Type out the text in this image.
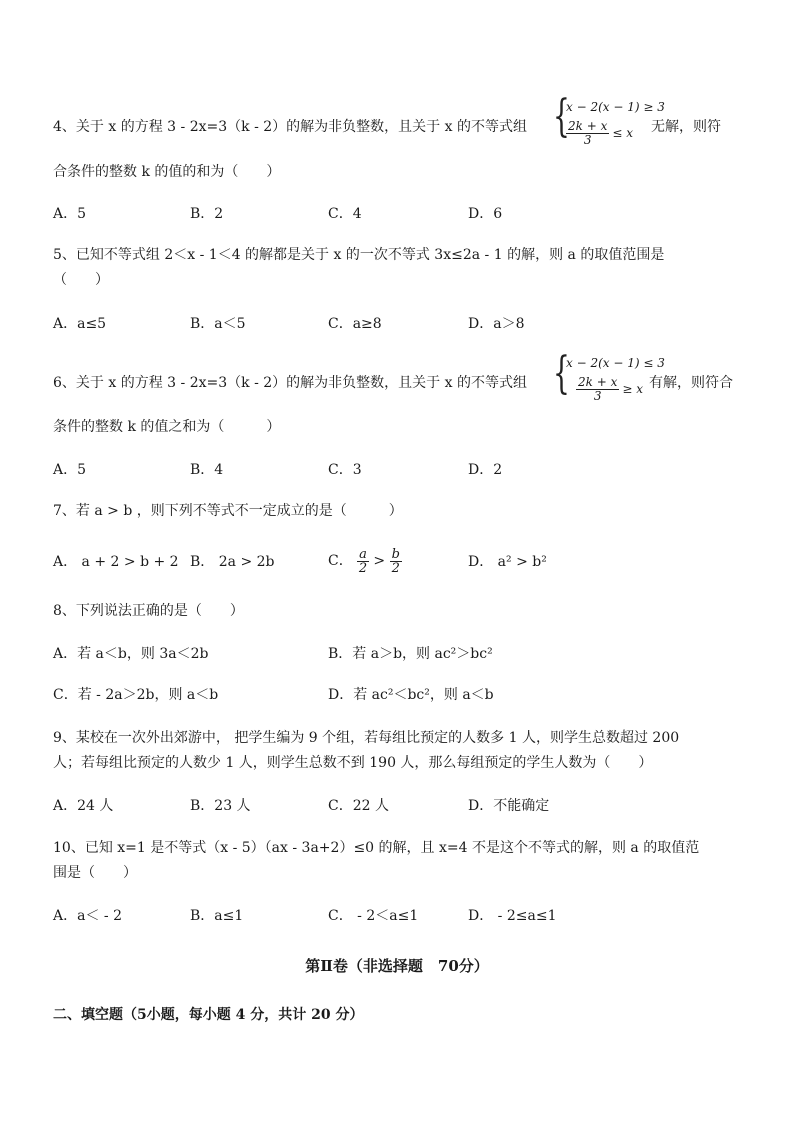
4、关于 x 的方程 3 - 2x=3（k - 2）的解为非负整数，且关于 x 的不等式组 {
x − 2(x − 1) ≥ 3
$\frac{2k + x}{3} \le x$ 无解，则符
合条件的整数 k 的值的和为（　　）
A．5	B．2	C．4	D．6
5、已知不等式组 2＜x - 1＜4 的解都是关于 x 的一次不等式 3x≤2a - 1 的解，则 a 的取值范围是
（　　）
A．a≤5	B．a＜5	C．a≥8	D．a＞8
6、关于 x 的方程 3 - 2x=3（k - 2）的解为非负整数，且关于 x 的不等式组 {
x − 2(x − 1) ≤ 3
$\frac{2k + x}{3} \ge x$ 有解，则符合
条件的整数 k 的值之和为（　　　）
A．5	B．4	C．3	D．2
7、若 a > b ，则下列不等式不一定成立的是（　　　）
A． a + 2 > b + 2 B． 2a > 2b	C． $\frac{a}{2} > \frac{b}{2}$	D． a² > b²
8、下列说法正确的是（　　）
A．若 a＜b，则 3a＜2b	B．若 a＞b，则 ac²＞bc²
C．若 - 2a＞2b，则 a＜b	D．若 ac²＜bc²，则 a＜b
9、某校在一次外出郊游中， 把学生编为 9 个组，若每组比预定的人数多 1 人，则学生总数超过 200
人；若每组比预定的人数少 1 人，则学生总数不到 190 人，那么每组预定的学生人数为（　　）
A．24 人	B．23 人	C．22 人	D．不能确定
10、已知 x=1 是不等式（x - 5）（ax - 3a+2）≤0 的解，且 x=4 不是这个不等式的解，则 a 的取值范
围是（　　）
A．a＜ - 2	B．a≤1	C． - 2＜a≤1	D． - 2≤a≤1
第Ⅱ卷（非选择题　70分）
二、填空题（5小题，每小题 4 分，共计 20 分）
